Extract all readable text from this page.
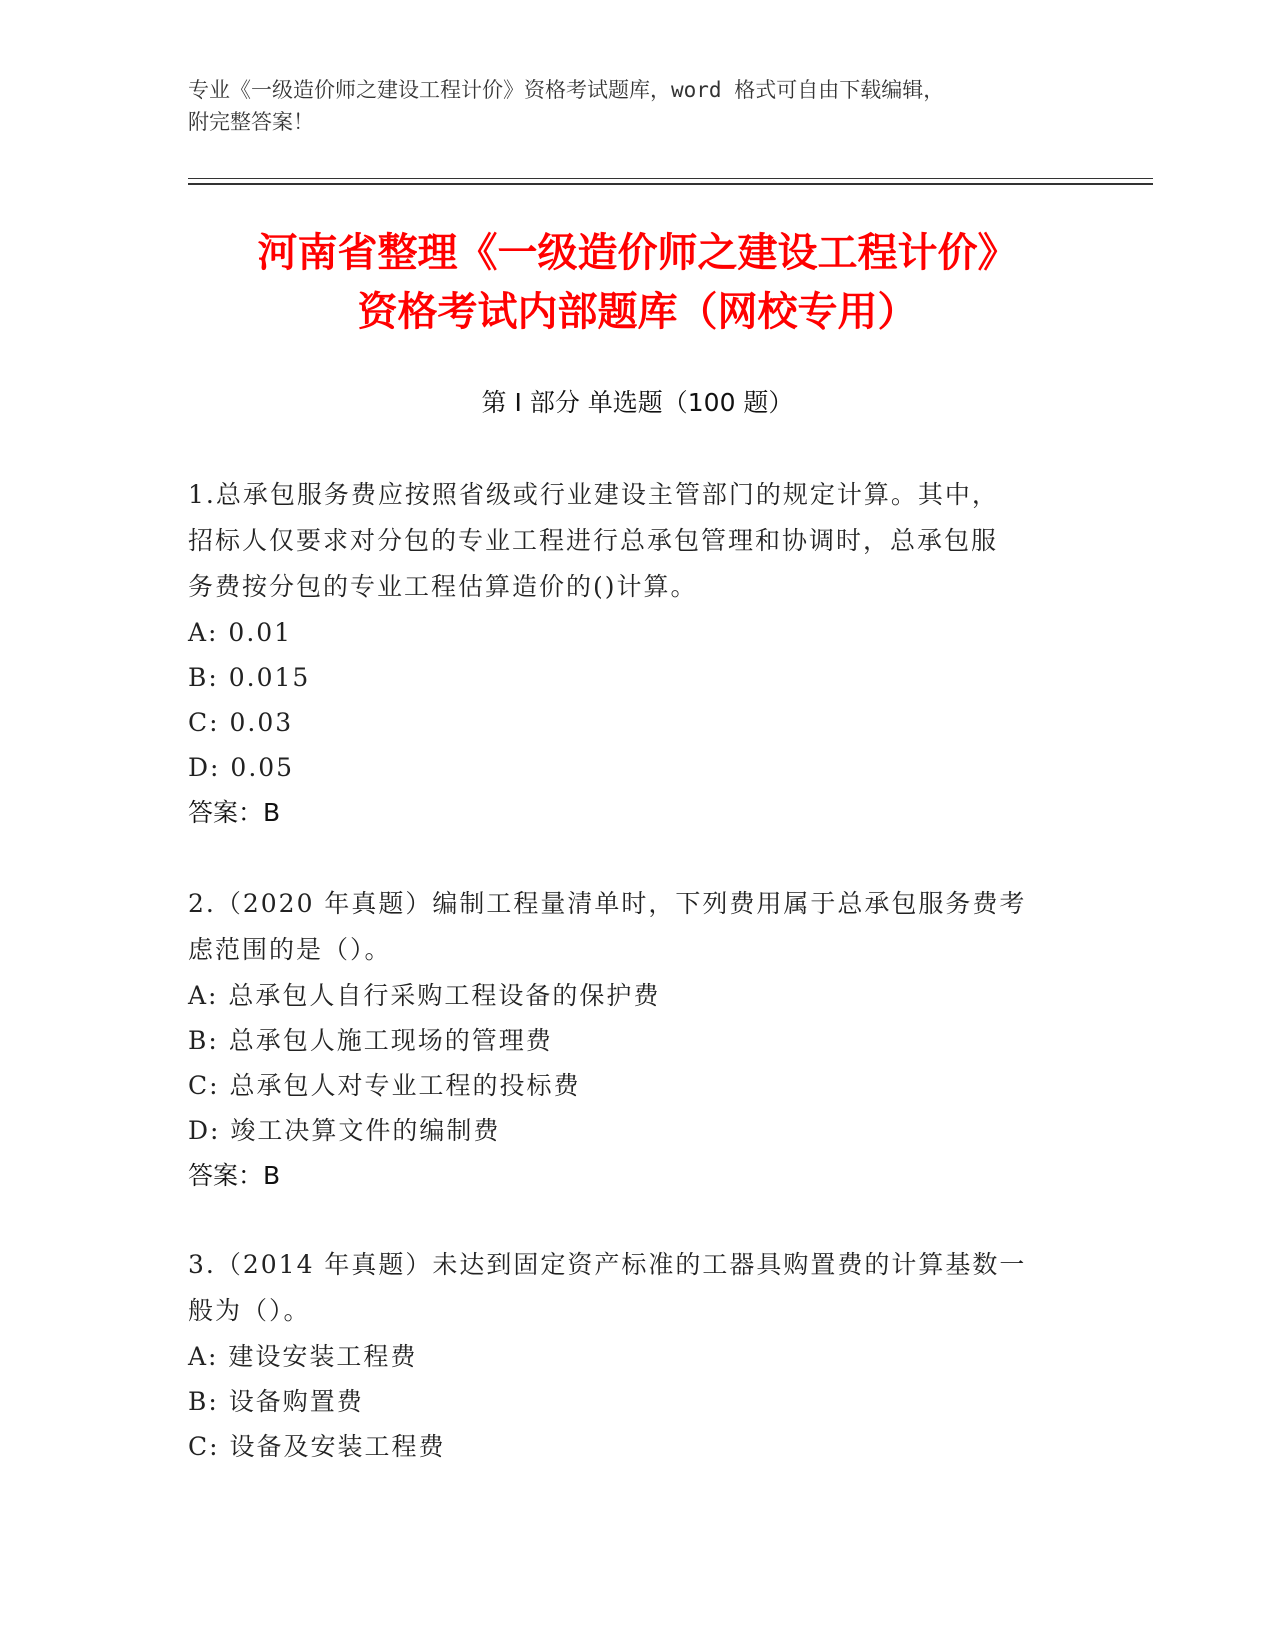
专业《一级造价师之建设工程计价》资格考试题库，word 格式可自由下载编辑，
附完整答案！
河南省整理《一级造价师之建设工程计价》
资格考试内部题库（网校专用）
第 I 部分 单选题（100 题）
1.总承包服务费应按照省级或行业建设主管部门的规定计算。其中，
招标人仅要求对分包的专业工程进行总承包管理和协调时，总承包服
务费按分包的专业工程估算造价的()计算。
A: 0.01
B: 0.015
C: 0.03
D: 0.05
答案：B
2.（2020 年真题）编制工程量清单时，下列费用属于总承包服务费考
虑范围的是（）。
A: 总承包人自行采购工程设备的保护费
B: 总承包人施工现场的管理费
C: 总承包人对专业工程的投标费
D: 竣工决算文件的编制费
答案：B
3.（2014 年真题）未达到固定资产标准的工器具购置费的计算基数一
般为（）。
A: 建设安装工程费
B: 设备购置费
C: 设备及安装工程费
